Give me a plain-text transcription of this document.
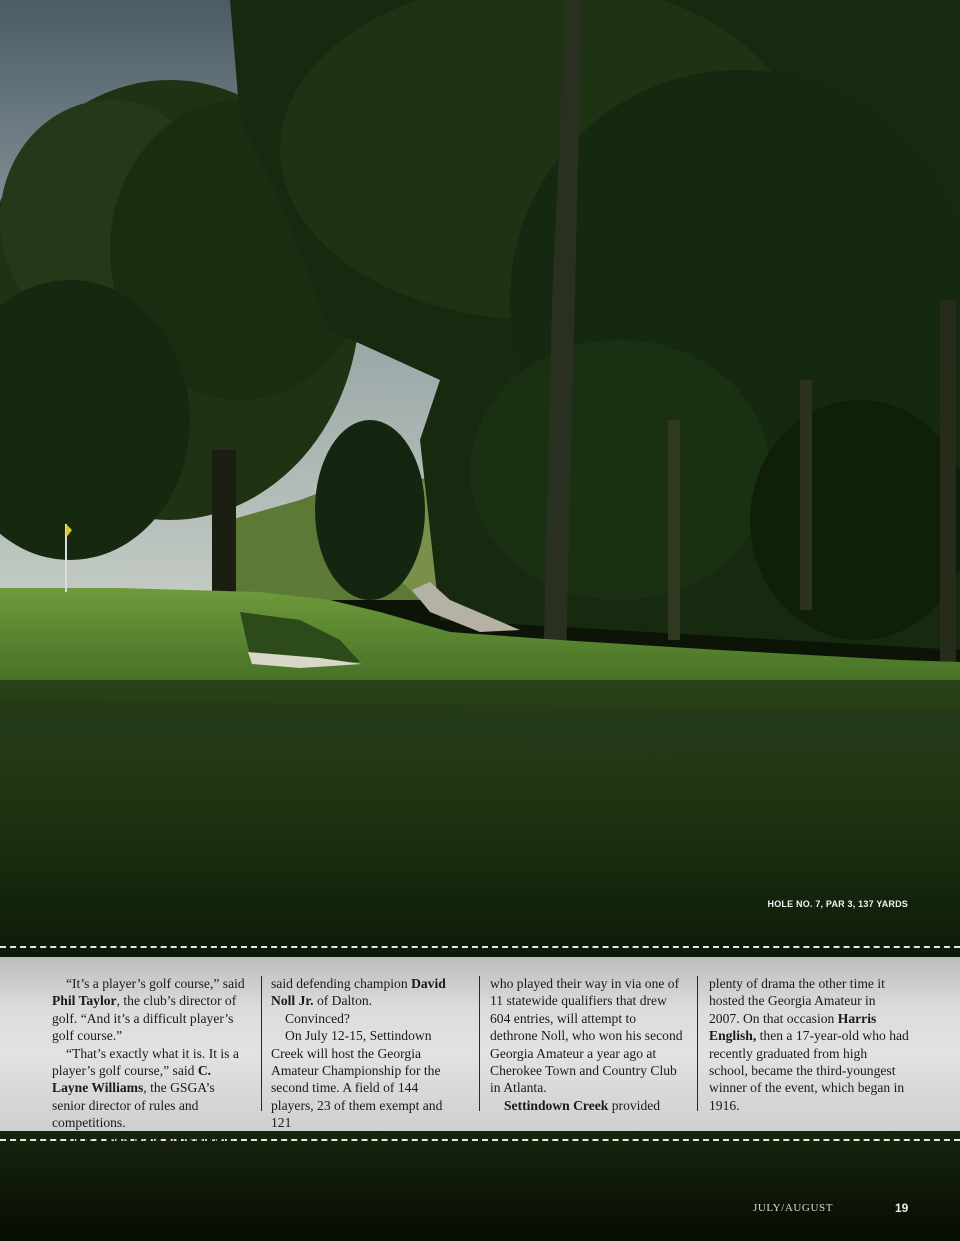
HOLE NO. 7, PAR 3, 137 YARDS

“It’s a player’s golf course,” said Phil Taylor, the club’s director of golf. “And it’s a difficult player’s golf course.”

“That’s exactly what it is. It is a player’s golf course,” said C. Layne Williams, the GSGA’s senior director of rules and competitions.

“It is a man-sized golf course,”

said defending champion David Noll Jr. of Dalton.

Convinced?

On July 12-15, Settindown Creek will host the Georgia Amateur Championship for the second time. A field of 144 players, 23 of them exempt and 121

who played their way in via one of 11 statewide qualifiers that drew 604 entries, will attempt to dethrone Noll, who won his second Georgia Amateur a year ago at Cherokee Town and Country Club in Atlanta.

Settindown Creek provided

plenty of drama the other time it hosted the Georgia Amateur in 2007. On that occasion Harris English, then a 17-year-old who had recently graduated from high school, became the third-youngest winner of the event, which began in 1916.

JULY/AUGUST	19
